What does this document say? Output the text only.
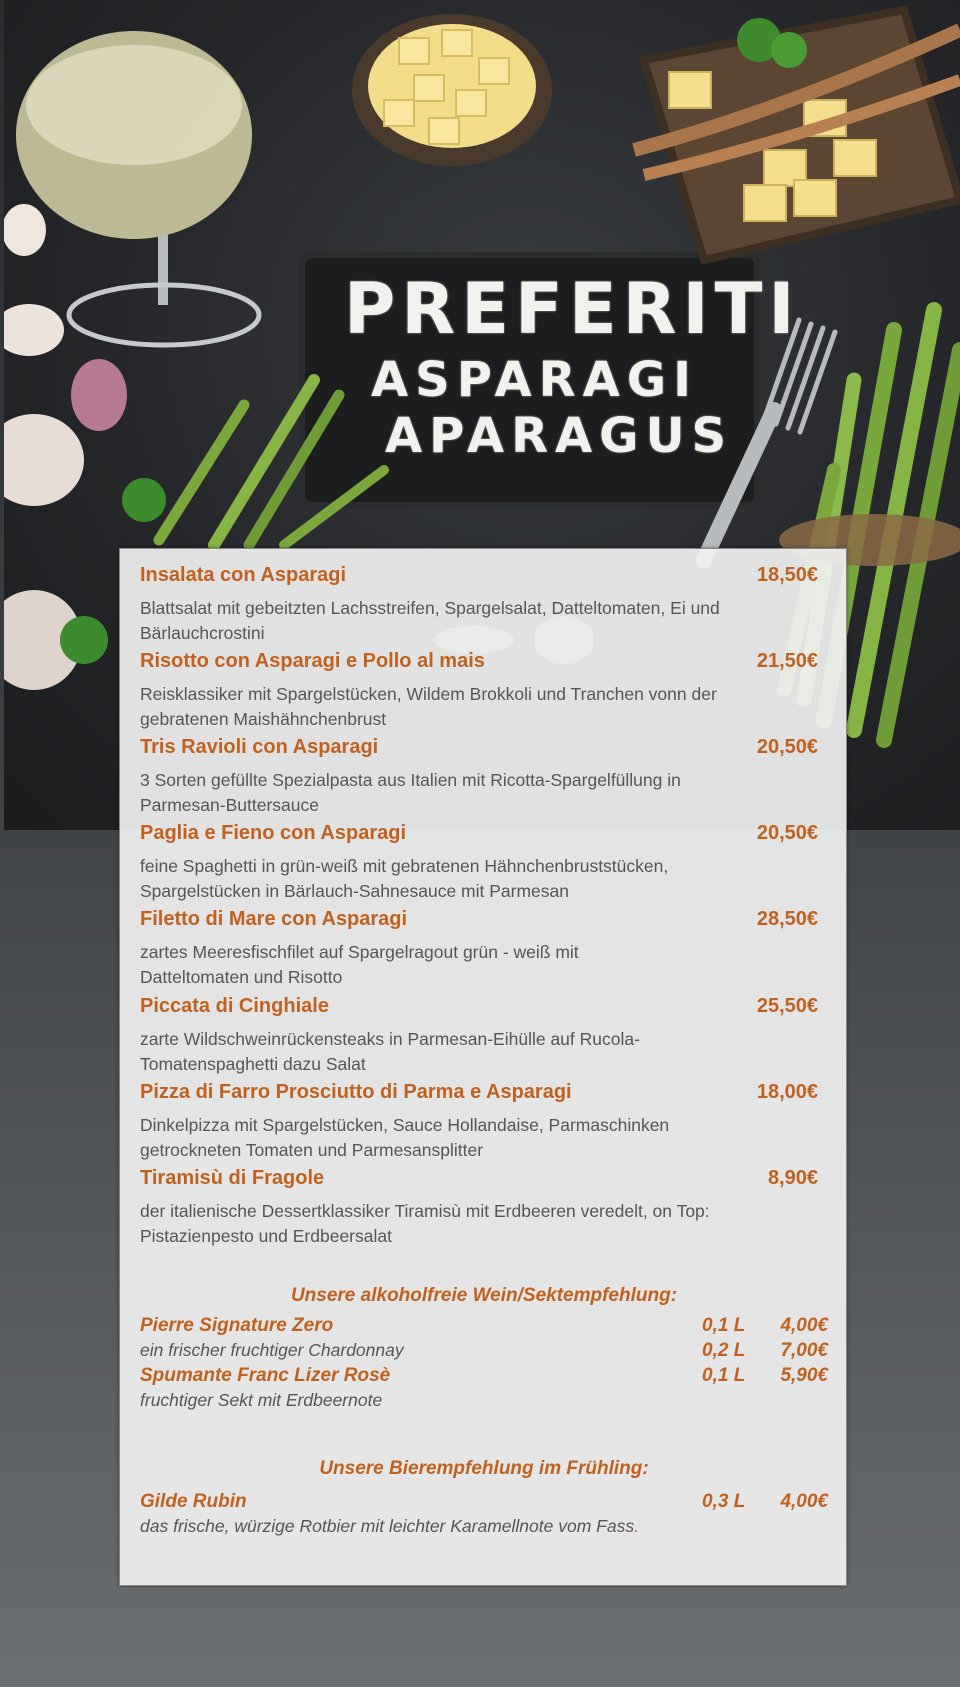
PREFERITI
ASPARAGI
APARAGUS
Insalata con Asparagi	18,50€
Blattsalat mit gebeitzten Lachsstreifen, Spargelsalat, Datteltomaten, Ei und Bärlauchcrostini
Risotto con Asparagi e Pollo al mais	21,50€
Reisklassiker mit Spargelstücken, Wildem Brokkoli und Tranchen vonn der gebratenen Maishähnchenbrust
Tris Ravioli con Asparagi	20,50€
3 Sorten gefüllte Spezialpasta aus Italien mit Ricotta-Spargelfüllung in Parmesan-Buttersauce
Paglia e Fieno con Asparagi	20,50€
feine Spaghetti in grün-weiß mit gebratenen Hähnchenbruststücken, Spargelstücken in Bärlauch-Sahnesauce mit Parmesan
Filetto di Mare con Asparagi	28,50€
zartes Meeresfischfilet auf Spargelragout grün - weiß mit Datteltomaten und Risotto
Piccata di Cinghiale	25,50€
zarte Wildschweinrückensteaks in Parmesan-Eihülle auf Rucola-Tomatenspaghetti dazu Salat
Pizza di Farro Prosciutto di Parma e Asparagi	18,00€
Dinkelpizza mit Spargelstücken, Sauce Hollandaise, Parmaschinken getrockneten Tomaten und Parmesansplitter
Tiramisù di Fragole	8,90€
der italienische Dessertklassiker Tiramisù mit Erdbeeren veredelt, on Top: Pistazienpesto und Erdbeersalat
Unsere alkoholfreie Wein/Sektempfehlung:
Pierre Signature Zero	0,1 L 4,00€
ein frischer fruchtiger Chardonnay	0,2 L 7,00€
Spumante Franc Lizer Rosè	0,1 L 5,90€
fruchtiger Sekt mit Erdbeernote
Unsere Bierempfehlung im Frühling:
Gilde Rubin	0,3 L 4,00€
das frische, würzige Rotbier mit leichter Karamellnote vom Fass.
